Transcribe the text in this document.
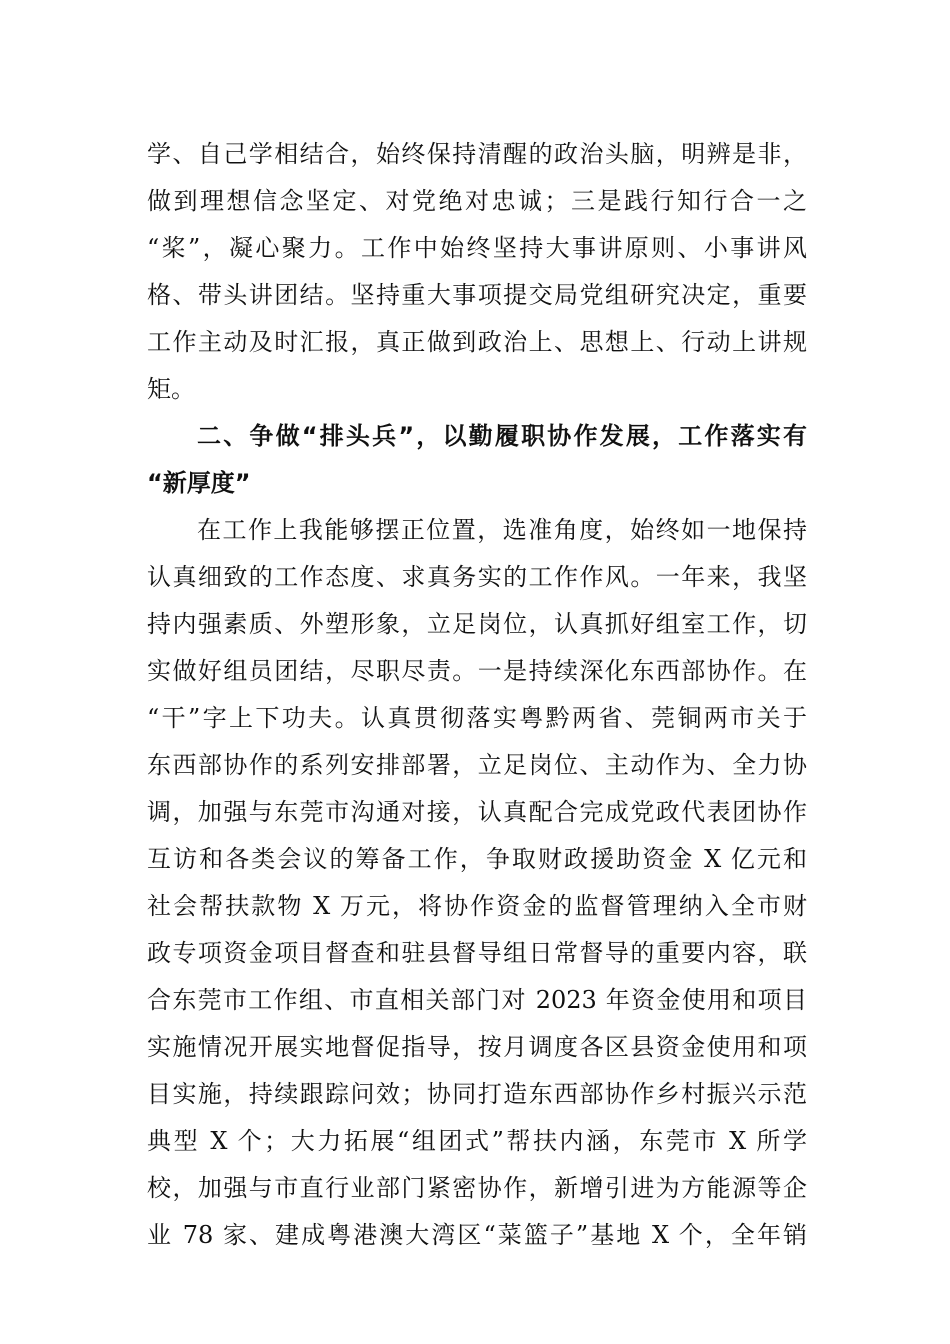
学、自己学相结合，始终保持清醒的政治头脑，明辨是非，
做到理想信念坚定、对党绝对忠诚；三是践行知行合一之
“桨”，凝心聚力。工作中始终坚持大事讲原则、小事讲风
格、带头讲团结。坚持重大事项提交局党组研究决定，重要
工作主动及时汇报，真正做到政治上、思想上、行动上讲规
矩。
二、争做“排头兵”，以勤履职协作发展，工作落实有
“新厚度”
在工作上我能够摆正位置，选准角度，始终如一地保持
认真细致的工作态度、求真务实的工作作风。一年来，我坚
持内强素质、外塑形象，立足岗位，认真抓好组室工作，切
实做好组员团结，尽职尽责。一是持续深化东西部协作。在
“干”字上下功夫。认真贯彻落实粤黔两省、莞铜两市关于
东西部协作的系列安排部署，立足岗位、主动作为、全力协
调，加强与东莞市沟通对接，认真配合完成党政代表团协作
互访和各类会议的筹备工作，争取财政援助资金 X 亿元和
社会帮扶款物 X 万元，将协作资金的监督管理纳入全市财
政专项资金项目督查和驻县督导组日常督导的重要内容，联
合东莞市工作组、市直相关部门对 2023 年资金使用和项目
实施情况开展实地督促指导，按月调度各区县资金使用和项
目实施，持续跟踪问效；协同打造东西部协作乡村振兴示范
典型 X 个；大力拓展“组团式”帮扶内涵，东莞市 X 所学
校，加强与市直行业部门紧密协作，新增引进为方能源等企
业 78 家、建成粤港澳大湾区“菜篮子”基地 X 个，全年销
